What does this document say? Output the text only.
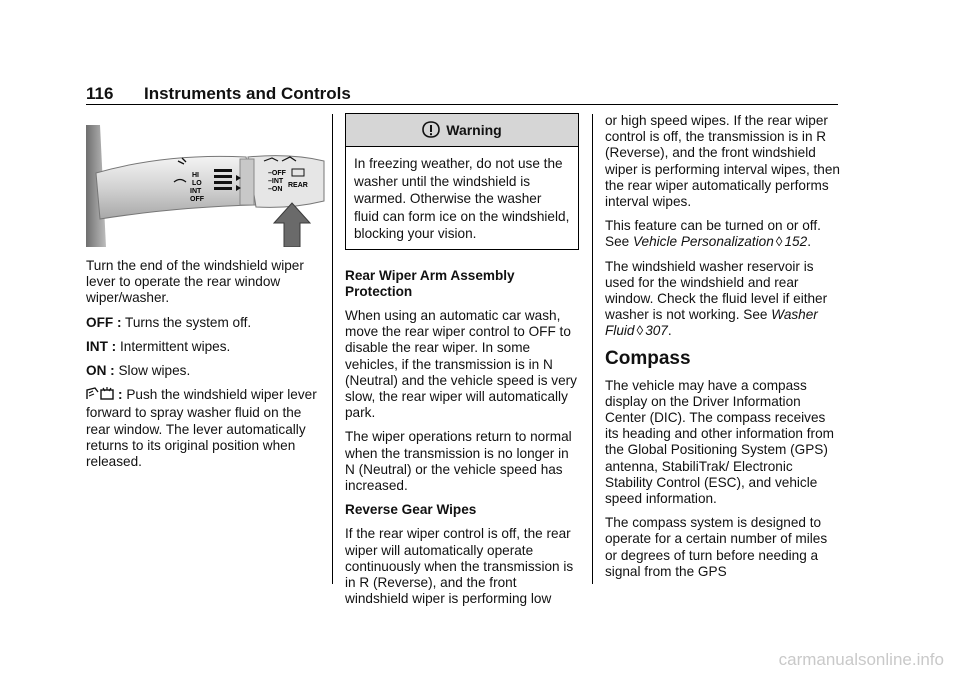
116 Instruments and Controls
HI
LO
INT
OFF
–OFF
–INT
–ON
REAR

Turn the end of the windshield wiper lever to operate the rear window wiper/washer.

OFF : Turns the system off.

INT : Intermittent wipes.

ON : Slow wipes.

: Push the windshield wiper lever forward to spray washer fluid on the rear window. The lever automatically returns to its original position when released.

Warning
In freezing weather, do not use the washer until the windshield is warmed. Otherwise the washer fluid can form ice on the windshield, blocking your vision.

Rear Wiper Arm Assembly Protection

When using an automatic car wash, move the rear wiper control to OFF to disable the rear wiper. In some vehicles, if the transmission is in N (Neutral) and the vehicle speed is very slow, the rear wiper will automatically park.

The wiper operations return to normal when the transmission is no longer in N (Neutral) or the vehicle speed has increased.

Reverse Gear Wipes

If the rear wiper control is off, the rear wiper will automatically operate continuously when the transmission is in R (Reverse), and the front windshield wiper is performing low

or high speed wipes. If the rear wiper control is off, the transmission is in R (Reverse), and the front windshield wiper is performing interval wipes, then the rear wiper automatically performs interval wipes.

This feature can be turned on or off. See Vehicle Personalization ◊ 152.

The windshield washer reservoir is used for the windshield and rear window. Check the fluid level if either washer is not working. See Washer Fluid ◊ 307.

Compass

The vehicle may have a compass display on the Driver Information Center (DIC). The compass receives its heading and other information from the Global Positioning System (GPS) antenna, StabiliTrak/ Electronic Stability Control (ESC), and vehicle speed information.

The compass system is designed to operate for a certain number of miles or degrees of turn before needing a signal from the GPS

carmanualsonline.info
